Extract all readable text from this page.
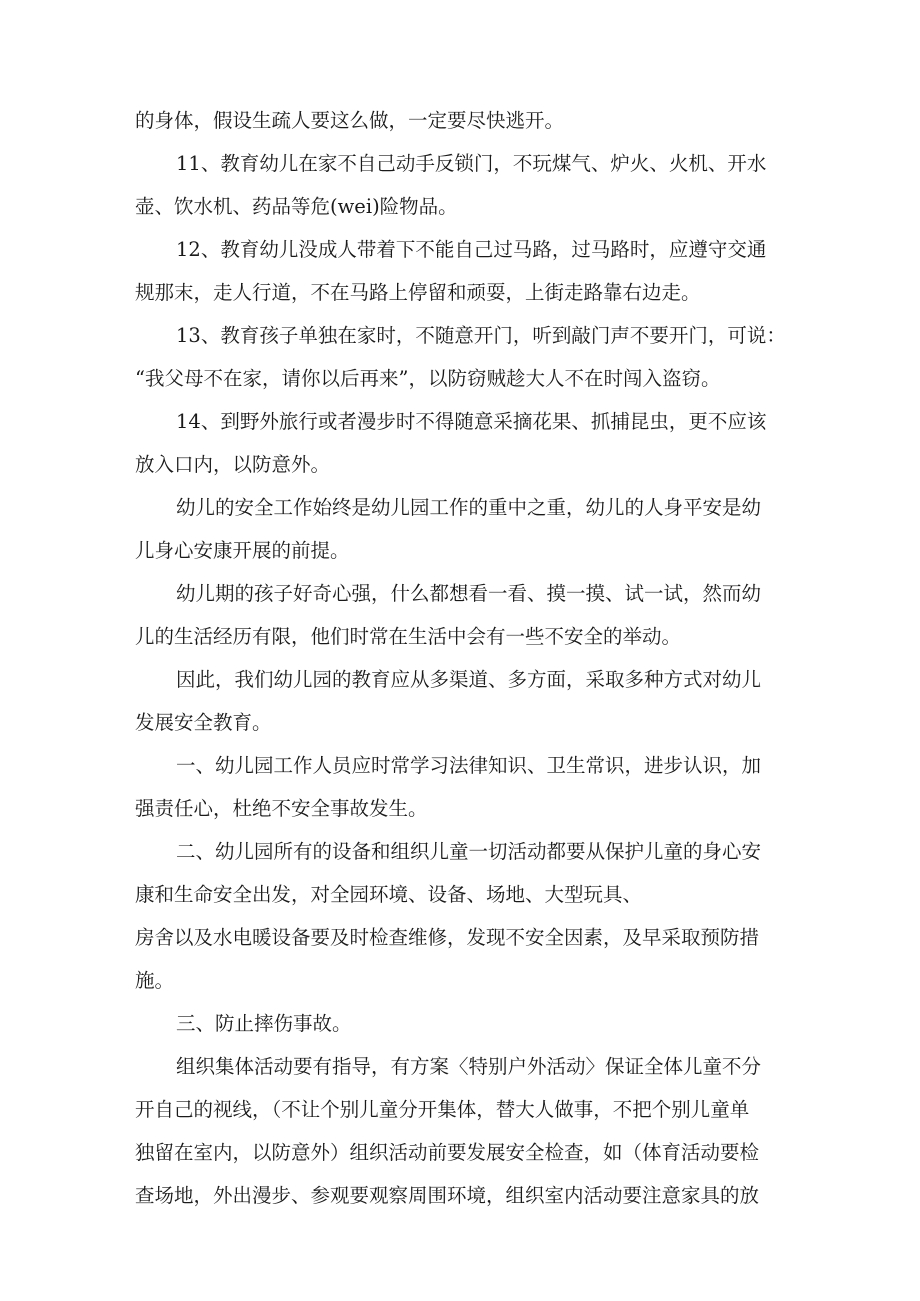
的身体，假设生疏人要这么做，一定要尽快逃开。
11、教育幼儿在家不自己动手反锁门，不玩煤气、炉火、火机、开水
壶、饮水机、药品等危(wei)险物品。
12、教育幼儿没成人带着下不能自己过马路，过马路时，应遵守交通
规那末，走人行道，不在马路上停留和顽耍，上街走路靠右边走。
13、教育孩子单独在家时，不随意开门，听到敲门声不要开门，可说：
“我父母不在家，请你以后再来”，以防窃贼趁大人不在时闯入盗窃。
14、到野外旅行或者漫步时不得随意采摘花果、抓捕昆虫，更不应该
放入口内，以防意外。
幼儿的安全工作始终是幼儿园工作的重中之重，幼儿的人身平安是幼
儿身心安康开展的前提。
幼儿期的孩子好奇心强，什么都想看一看、摸一摸、试一试，然而幼
儿的生活经历有限，他们时常在生活中会有一些不安全的举动。
因此，我们幼儿园的教育应从多渠道、多方面，采取多种方式对幼儿
发展安全教育。
一、幼儿园工作人员应时常学习法律知识、卫生常识，进步认识，加
强责任心，杜绝不安全事故发生。
二、幼儿园所有的设备和组织儿童一切活动都要从保护儿童的身心安
康和生命安全出发，对全园环境、设备、场地、大型玩具、
房舍以及水电暖设备要及时检查维修，发现不安全因素，及早采取预防措
施。
三、防止摔伤事故。
组织集体活动要有指导，有方案〈特别户外活动〉保证全体儿童不分
开自己的视线，（不让个别儿童分开集体，替大人做事，不把个别儿童单
独留在室内，以防意外）组织活动前要发展安全检查，如（体育活动要检
查场地，外出漫步、参观要观察周围环境，组织室内活动要注意家具的放
